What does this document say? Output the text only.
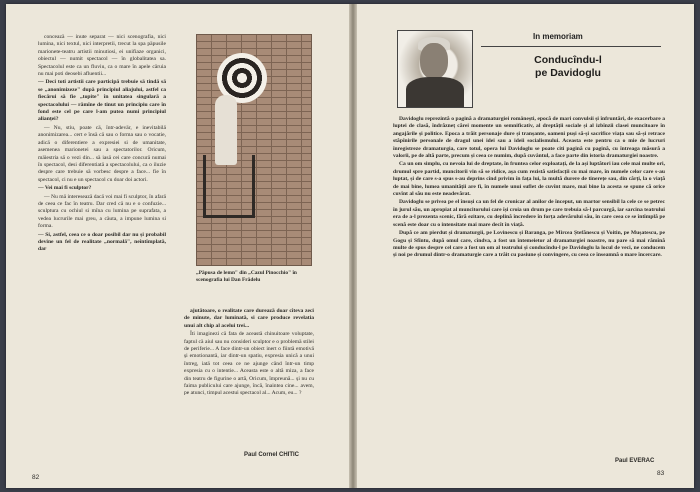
conceazä — inute separat — nici scenografia, nici lumina, nici textul, nici interpretii, trecut la spa päpusile marionete-teatru artistii minutiosi, ei unifiaze organici, obiectul — numit spectacol — în globalitatea sa. Spectacolul este ca un fluviu, ca o mare în apele cäruia nu mai poti deosebi afluentii...

— Deci toti artistii care participä trebuie sä tindä sä se „anonimizeze" dupä principiul aliajului, astfel ca fiecärui sä fie „topite" în unitatea singularä a spectacolului — rämîne de tinut un principiu care în fond este cel pe care l-am putea numi principiul alianței?

— Nu, stiu, poate cä, într-adevär, e inevitabilä anonimizarea... cert e însä cä sau o forma sau o vocatie, adicä o diferentiere a expresiei si de umanitate, asemenea marionetei sau a spectatorilor. Oricum, mäiestria sä o vezi din... sä iasä cei care concurä numai în spectacol, desi diferentiatä a spectacolului, ca o iluzie despre care trebuie sä vorbesc despre a face... fie în spectacol, ci nu e un spectacol cu doar doi actori.

— Vei mai fi sculptor?

— Nu mä intereseazä dacä voi mai fi sculptor, în afarä de ceea ce fac în teatru. Dar cred cä nu e o confuzie... sculptura cu ochiul si mîna cu lumina pe suprafata, a vedea lucrurile mai greu, a cäuta, a impune lumina si forma.

— Si, astfel, ceea ce o doar posibil dar nu și probabil devine un fel de realitate „normalä", neîntîmplatä, dar

„Päpusa de lemn" din „Cazul Pinocchio" în scenografia lui Dan Frädelu

ajutätoare, o realitate care dureazä doar cîteva zeci de minute, dar luminatä, si care produce revelatia unui alt chip al acelui trei...

Îti imaginezi cä fata de aceastä chinuitoare voluptate, faptul cä aiul sau nu consideri sculptor e o problemä stilei de periferie... A face dintr-un obiect inert o fiintä emotivä și emotionantä, iar dintr-un spatiu, expresia unică a unui întreg, iatä tot ceea ce ne ajunge când într-un timp expresia cu o intentie... Aceasta este o altă miza, a face din teatru de figurine o artă, Oricum, împreună... și nu cu faima publicului care ajunge, încă, înaintea cine... avem, pe atunci, timpul acestui spectacol al... Acum, eu... ?

Paul Cornel CHITIC
82
In memoriam
Conducîndu-l
pe Davidoglu

Davidoglu reprezintă o pagină a dramaturgiei românești, epocă de mari convulsii și înfruntări, de exacerbare a luptei de clasă, îndrăzneț cărei momente un semnificativ, al dreptății sociale și al izbînzii clasei muncitoare în angajările și politice. Epoca a trăit personaje dure și tranșante, oameni puși să-și sacrifice viața sau să-și retrace stăpînirile personale de dragul unei idei sau a ideii socialismului. Aceasta este pentru ca o mie de lucruri înregistreze dramaturgia, care totul, opera lui Davidoglu se poate citi pagină cu pagină, cu întreaga măsură a valorii, pe de altă parte, precum și ceea ce numim, după cuvântul, a face parte din istoria dramaturgiei noastre.

Ca un om simplu, cu nevoia lui de dreptate, în fruntea celor exploatați, de la ași luptători iau cele mai multe ori, drumul spre partid, muncitorii vin să se ridice, așa cum rezistă satisfacții cu mai mare, în numele celor care s-au luptat, și de care s-a spus s-au deprins cînd privim în fața lui, la multă durere de tinerețe sau, din cărți, la o viață de mai bine, lumea umanității are fi, în numele unui suflet de cuvînt mare, mai bine la acesta se spune că orice cuvînt al său nu este neadevărat.

Davidoglu se privea pe el însuși ca un fel de cronicar al anilor de început, un martor sensibil la cele ce se petrec în jurul său, un apropiat al muncitorului care își croia un drum pe care trebuia să-l parcurgă, iar sarcina teatrului era de a-l prezenta scenic, fără ezitare, cu deplină încredere în forța adevărului său, în care ceea ce se întîmplă pe scenă este doar cu o intensitate mai mare decît în viață.

După ce am pierdut și dramaturgii, pe Lovinescu și Baranga, pe Mircea Ștefănescu și Voitin, pe Mușatescu, pe Gogu și Sfîntu, după omul care, cîndva, a fost un întemeietor al dramaturgiei noastre, nu pare să mai rămînă multe de spus despre cel care a fost un om al teatrului și conducîndu-l pe Davidoglu la locul de veci, ne conducem și noi pe drumul dintr-o dramaturgie care a trăit cu pasiune și convingere, cu ceea ce înseamnă o mare încercare.

Paul EVERAC
83
